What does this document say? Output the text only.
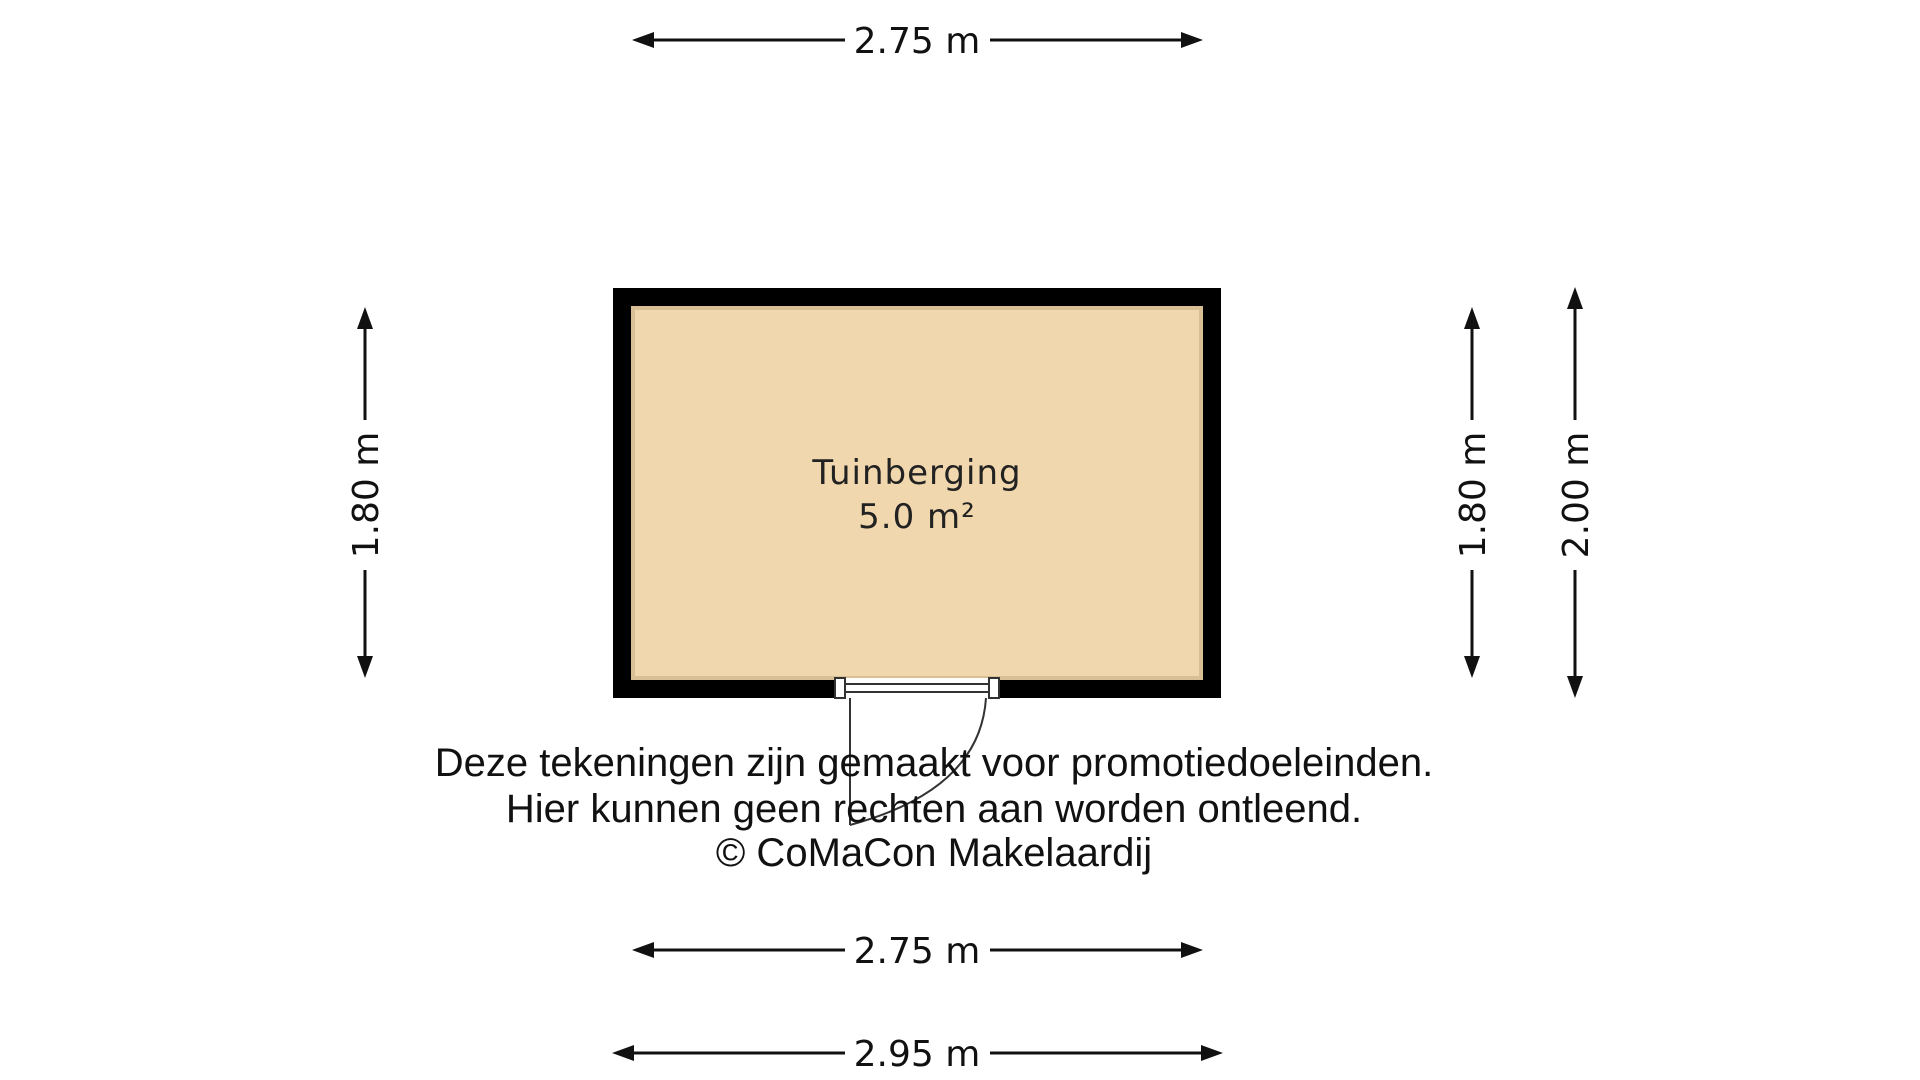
Tuinberging
5.0 m²
2.75 m
2.75 m
2.95 m
1.80 m	1.80 m 2.00 m
Deze tekeningen zijn gemaakt voor promotiedoeleinden.
Hier kunnen geen rechten aan worden ontleend.
© CoMaCon Makelaardij
